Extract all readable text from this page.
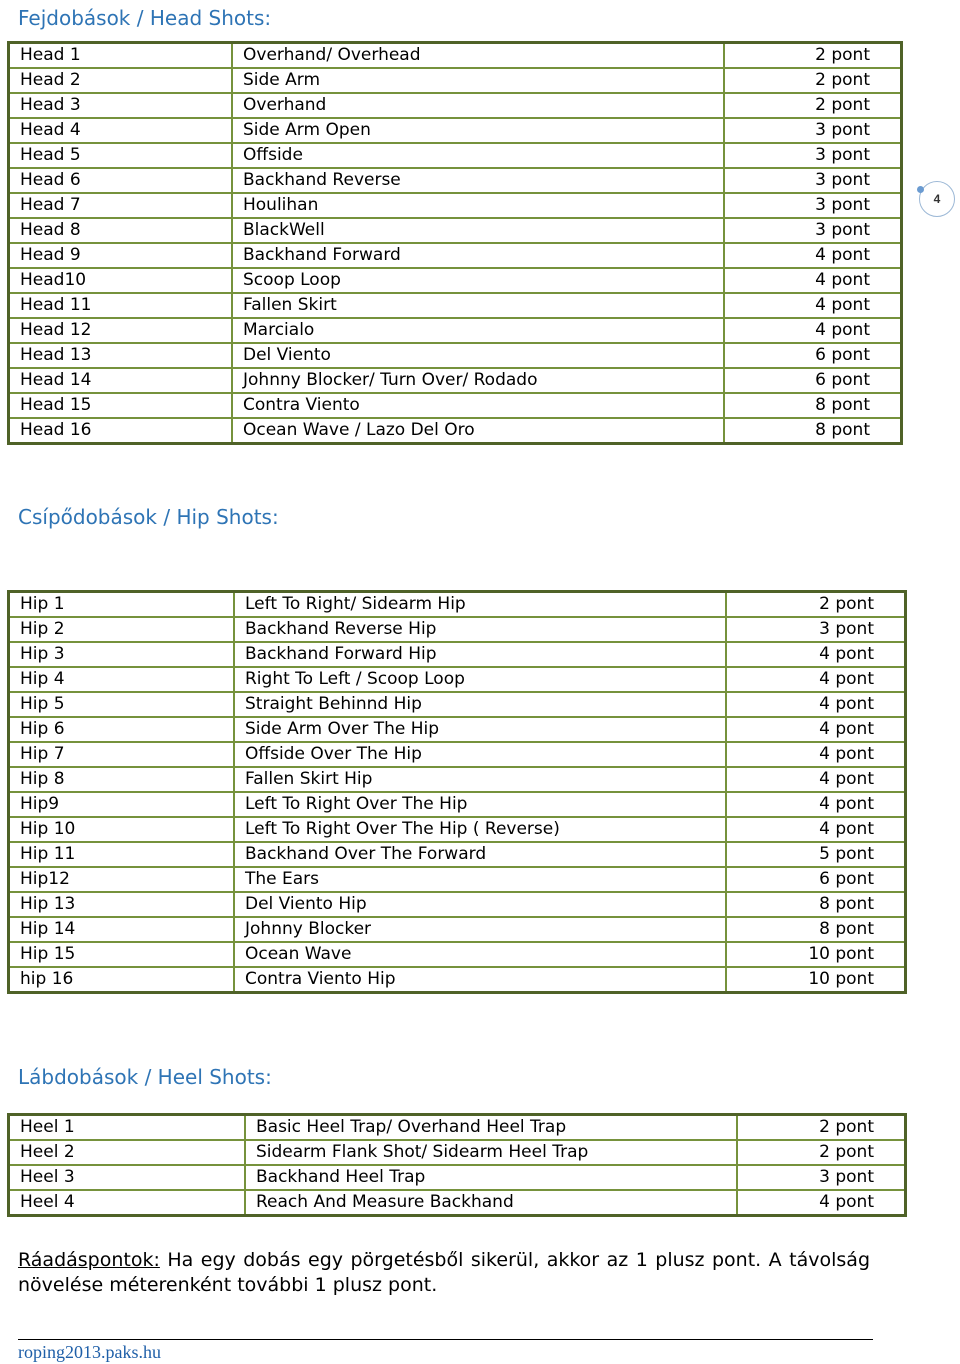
Fejdobások / Head Shots:
Head 1	Overhand/ Overhead	2 pont
Head 2	Side Arm	2 pont
Head 3	Overhand	2 pont
Head 4	Side Arm Open	3 pont
Head 5	Offside	3 pont
Head 6	Backhand Reverse	3 pont
Head 7	Houlihan	3 pont
Head 8	BlackWell	3 pont
Head 9	Backhand Forward	4 pont
Head10	Scoop Loop	4 pont
Head 11	Fallen Skirt	4 pont
Head 12	Marcialo	4 pont
Head 13	Del Viento	6 pont
Head 14	Johnny Blocker/ Turn Over/ Rodado	6 pont
Head 15	Contra Viento	8 pont
Head 16	Ocean Wave / Lazo Del Oro	8 pont
Csípődobások / Hip Shots:
Hip 1	Left To Right/ Sidearm Hip	2 pont
Hip 2	Backhand Reverse Hip	3 pont
Hip 3	Backhand Forward Hip	4 pont
Hip 4	Right To Left / Scoop Loop	4 pont
Hip 5	Straight Behinnd Hip	4 pont
Hip 6	Side Arm Over The Hip	4 pont
Hip 7	Offside Over The Hip	4 pont
Hip 8	Fallen Skirt Hip	4 pont
Hip9	Left To Right Over The Hip	4 pont
Hip 10	Left To Right Over The Hip ( Reverse)	4 pont
Hip 11	Backhand Over The Forward	5 pont
Hip12	The Ears	6 pont
Hip 13	Del Viento Hip	8 pont
Hip 14	Johnny Blocker	8 pont
Hip 15	Ocean Wave	10 pont
hip 16	Contra Viento Hip	10 pont
Lábdobások / Heel Shots:
Heel 1	Basic Heel Trap/ Overhand Heel Trap	2 pont
Heel 2	Sidearm Flank Shot/ Sidearm Heel Trap	2 pont
Heel 3	Backhand Heel Trap	3 pont
Heel 4	Reach And Measure Backhand	4 pont
4

Ráadáspontok: Ha egy dobás egy pörgetésből sikerül, akkor az 1 plusz pont. A távolság növelése méterenként további 1 plusz pont.

roping2013.paks.hu
